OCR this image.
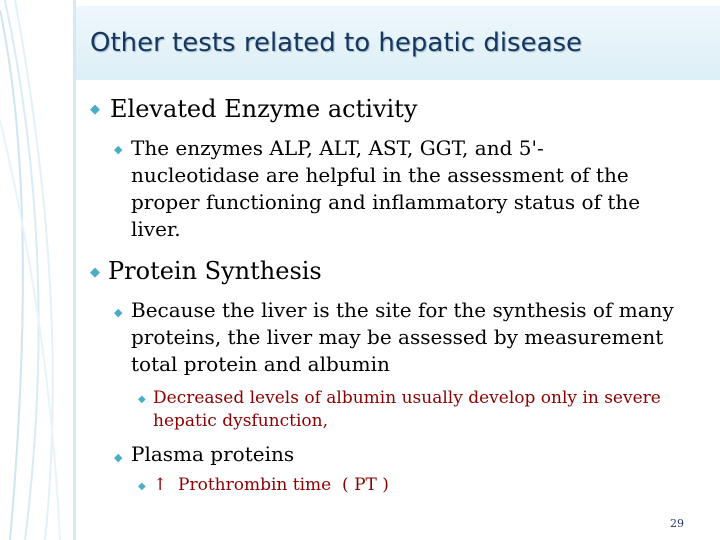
Other tests related to hepatic disease
◆ Elevated Enzyme activity
◆ The enzymes ALP, ALT, AST, GGT, and 5'-nucleotidase are helpful in the assessment of the proper functioning and inflammatory status of the liver.
◆ Protein Synthesis
◆ Because the liver is the site for the synthesis of many proteins, the liver may be assessed by measurement total protein and albumin
◆ Decreased levels of albumin usually develop only in severe hepatic dysfunction,
◆ Plasma proteins
◆ ↑  Prothrombin time  ( PT )
29
